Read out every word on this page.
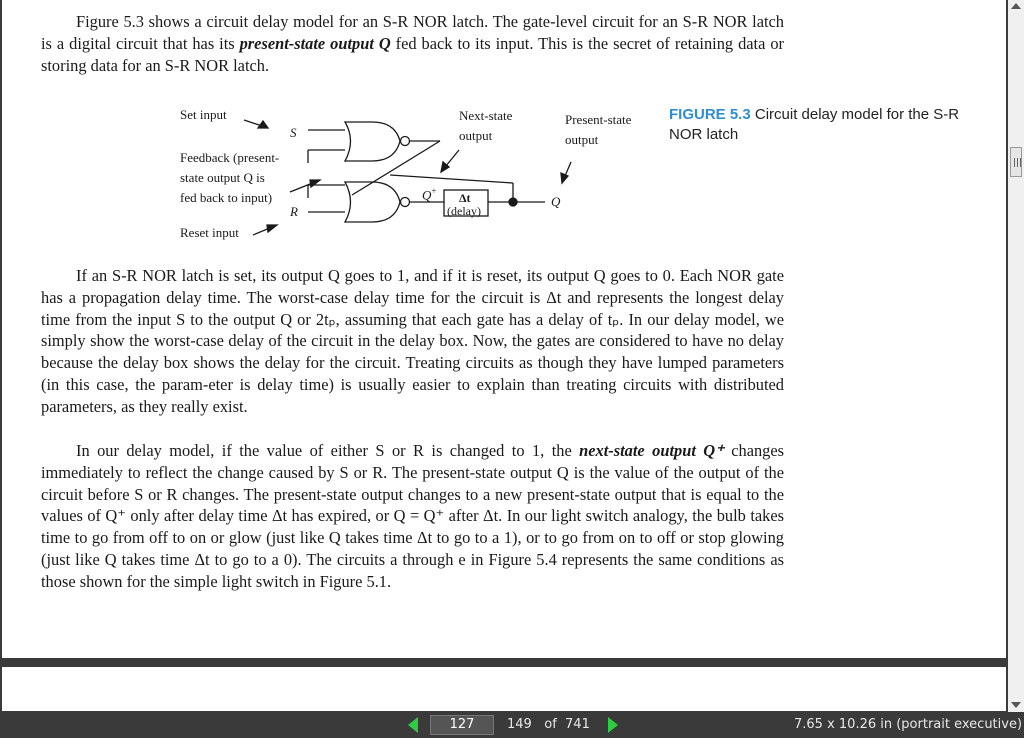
Figure 5.3 shows a circuit delay model for an S-R NOR latch. The gate-level circuit for an S-R NOR latch is a digital circuit that has its present-state output Q fed back to its input. This is the secret of retaining data or storing data for an S-R NOR latch.

Set input
S
Feedback (present-
state output Q is
fed back to input)
R
Reset input
Next-state
output
Present-state
output
Q+ Δt
(delay)
Q
FIGURE 5.3 Circuit delay model for the S-R NOR latch

If an S-R NOR latch is set, its output Q goes to 1, and if it is reset, its output Q goes to 0. Each NOR gate has a propagation delay time. The worst-case delay time for the circuit is Δt and represents the longest delay time from the input S to the output Q or 2tₚ, assuming that each gate has a delay of tₚ. In our delay model, we simply show the worst-case delay of the circuit in the delay box. Now, the gates are considered to have no delay because the delay box shows the delay for the circuit. Treating circuits as though they have lumped parameters (in this case, the param-eter is delay time) is usually easier to explain than treating circuits with distributed parameters, as they really exist.

In our delay model, if the value of either S or R is changed to 1, the next-state output Q⁺ changes immediately to reflect the change caused by S or R. The present-state output Q is the value of the output of the circuit before S or R changes. The present-state output changes to a new present-state output that is equal to the values of Q⁺ only after delay time Δt has expired, or Q = Q⁺ after Δt. In our light switch analogy, the bulb takes time to go from off to on or glow (just like Q takes time Δt to go to a 1), or to go from on to off or stop glowing (just like Q takes time Δt to go to a 0). The circuits a through e in Figure 5.4 represents the same conditions as those shown for the simple light switch in Figure 5.1.

127	149 of 741	7.65 x 10.26 in (portrait executive)
